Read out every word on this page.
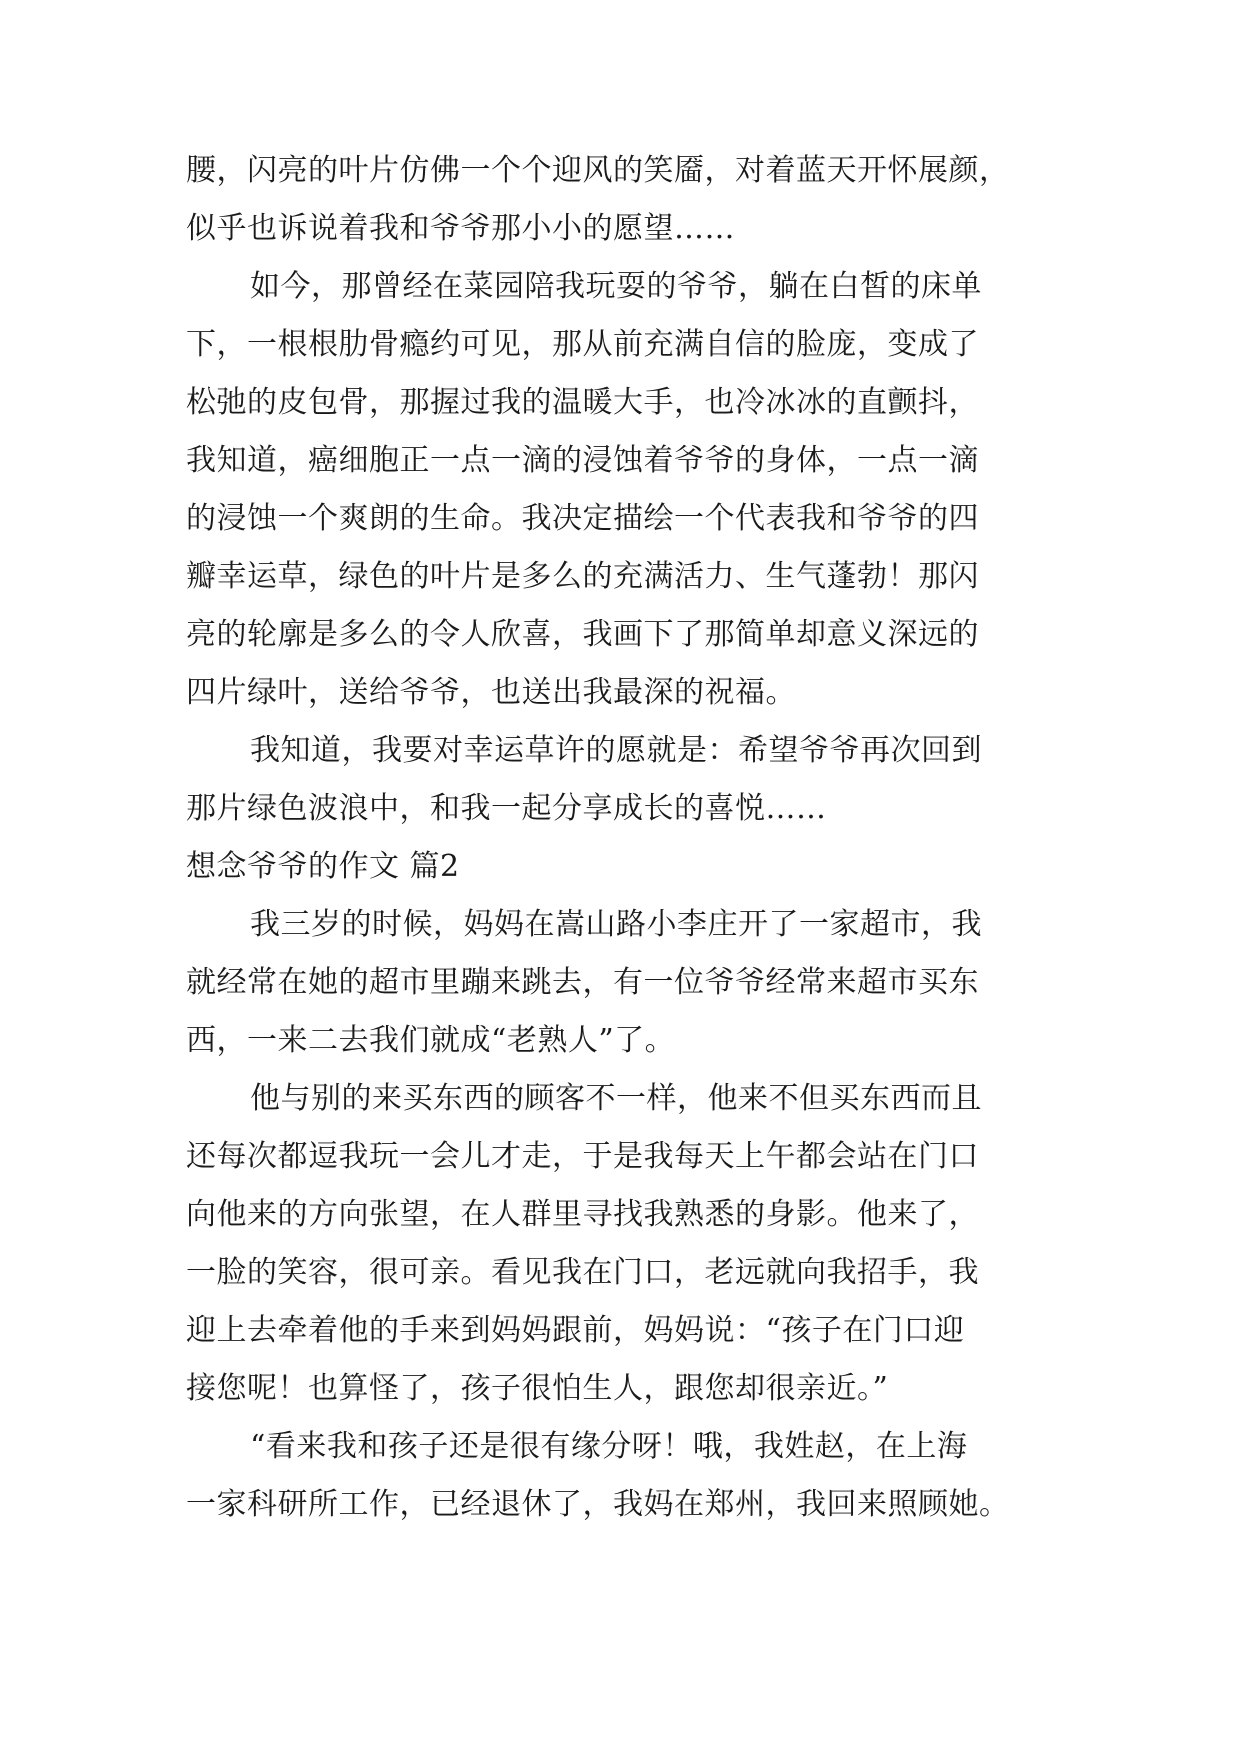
腰，闪亮的叶片仿佛一个个迎风的笑靥，对着蓝天开怀展颜，
似乎也诉说着我和爷爷那小小的愿望……
如今，那曾经在菜园陪我玩耍的爷爷，躺在白皙的床单
下，一根根肋骨瘾约可见，那从前充满自信的脸庞，变成了
松弛的皮包骨，那握过我的温暖大手，也冷冰冰的直颤抖，
我知道，癌细胞正一点一滴的浸蚀着爷爷的身体，一点一滴
的浸蚀一个爽朗的生命。我决定描绘一个代表我和爷爷的四
瓣幸运草，绿色的叶片是多么的充满活力、生气蓬勃！那闪
亮的轮廓是多么的令人欣喜，我画下了那简单却意义深远的
四片绿叶，送给爷爷，也送出我最深的祝福。
我知道，我要对幸运草许的愿就是：希望爷爷再次回到
那片绿色波浪中，和我一起分享成长的喜悦……
想念爷爷的作文 篇2
我三岁的时候，妈妈在嵩山路小李庄开了一家超市，我
就经常在她的超市里蹦来跳去，有一位爷爷经常来超市买东
西，一来二去我们就成“老熟人”了。
他与别的来买东西的顾客不一样，他来不但买东西而且
还每次都逗我玩一会儿才走，于是我每天上午都会站在门口
向他来的方向张望，在人群里寻找我熟悉的身影。他来了，
一脸的笑容，很可亲。看见我在门口，老远就向我招手，我
迎上去牵着他的手来到妈妈跟前，妈妈说：“孩子在门口迎
接您呢！也算怪了，孩子很怕生人，跟您却很亲近。”
“看来我和孩子还是很有缘分呀！哦，我姓赵，在上海
一家科研所工作，已经退休了，我妈在郑州，我回来照顾她。
